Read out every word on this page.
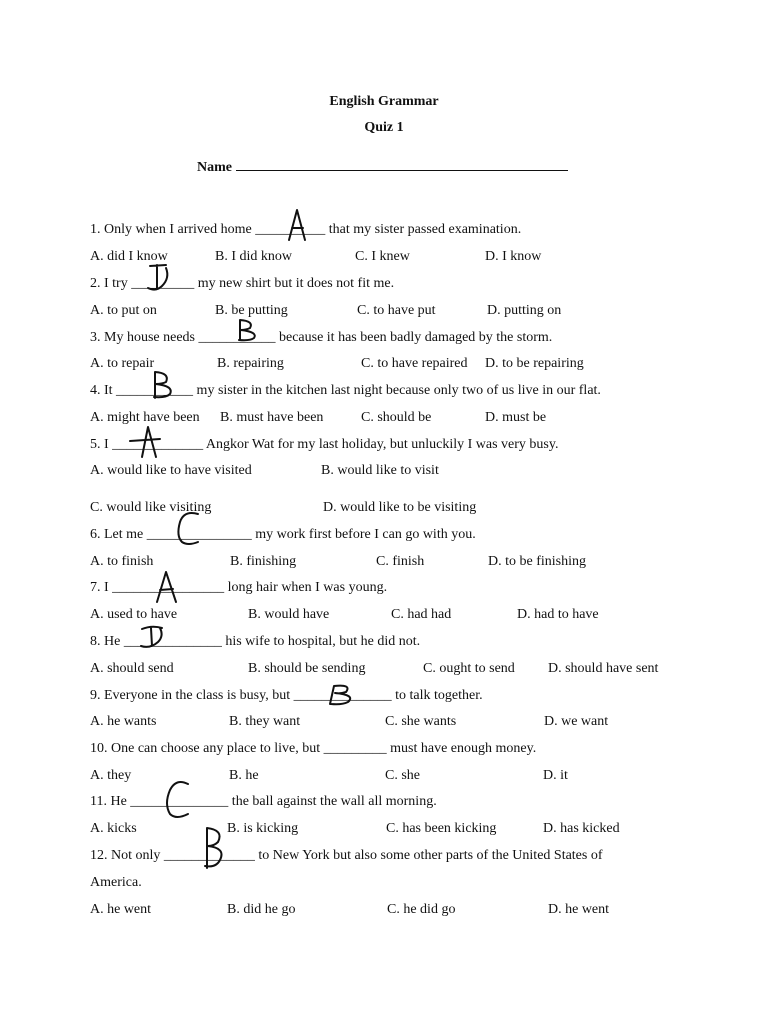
English Grammar
Quiz 1
Name
1. Only when I arrived home __________ that my sister passed examination.
A. did I know	B. I did know	C. I knew	D. I know
2. I try _________ my new shirt but it does not fit me.
A. to put on	B. be putting	C. to have put	D. putting on
3. My house needs ___________ because it has been badly damaged by the storm.
A. to repair	B. repairing	C. to have repaired D. to be repairing
4. It ___________ my sister in the kitchen last night because only two of us live in our flat.
A. might have been B. must have been	C. should be	D. must be
5. I _____________ Angkor Wat for my last holiday, but unluckily I was very busy.
A. would like to have visited	B. would like to visit
C. would like visiting	D. would like to be visiting
6. Let me _______________ my work first before I can go with you.
A. to finish	B. finishing	C. finish	D. to be finishing
7. I ________________ long hair when I was young.
A. used to have	B. would have	C. had had	D. had to have
8. He ______________ his wife to hospital, but he did not.
A. should send	B. should be sending	C. ought to send D. should have sent
9. Everyone in the class is busy, but ______________ to talk together.
A. he wants	B. they want	C. she wants	D. we want
10. One can choose any place to live, but _________ must have enough money.
A. they	B. he	C. she	D. it
11. He ______________ the ball against the wall all morning.
A. kicks	B. is kicking	C. has been kicking	D. has kicked
12. Not only _____________ to New York but also some other parts of the United States of
America.
A. he went	B. did he go	C. he did go	D. he went
